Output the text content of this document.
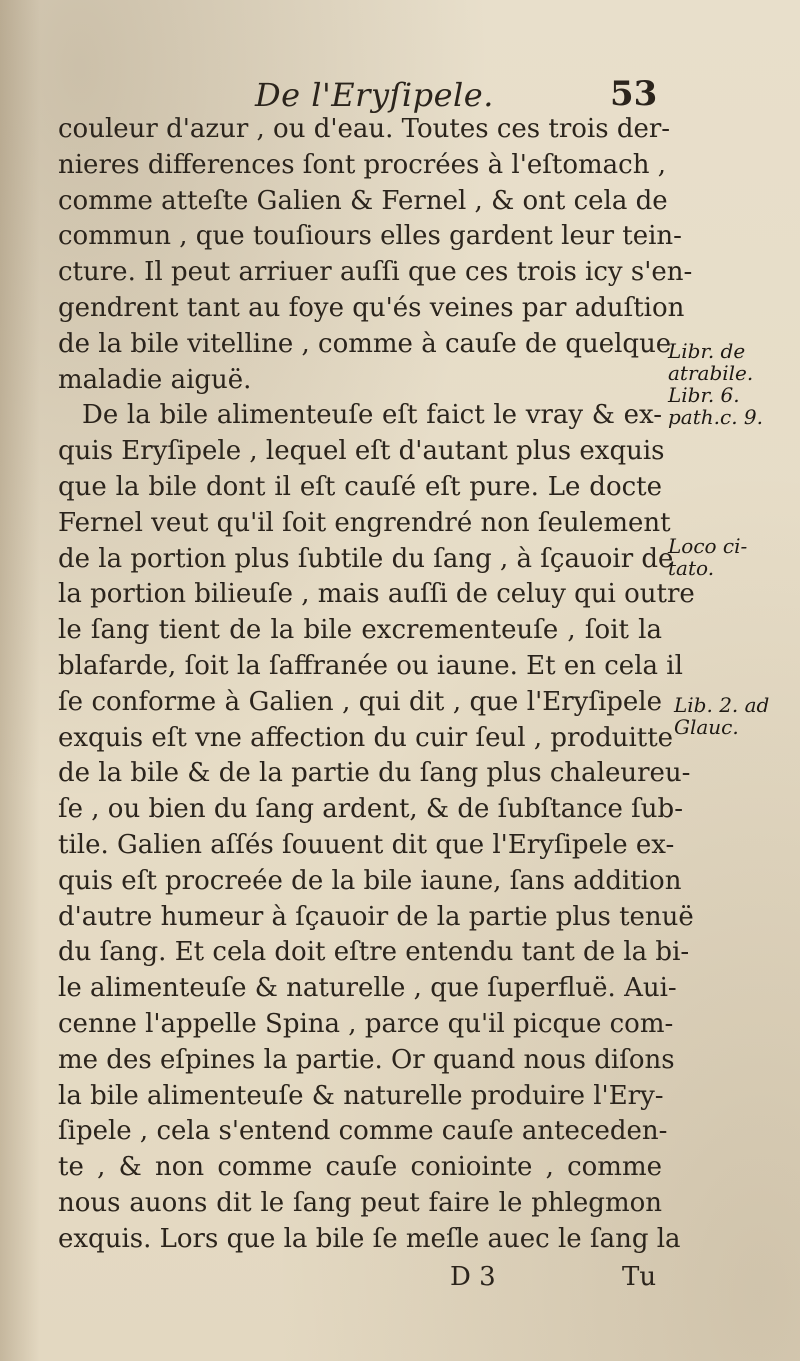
De l'Eryſipele.	53
couleur d'azur , ou d'eau. Toutes ces trois der-
nieres differences ſont procrées à l'eſtomach ,
comme atteſte Galien & Fernel , & ont cela de
commun , que touſiours elles gardent leur tein-
cture. Il peut arriuer auſſi que ces trois icy s'en-
gendrent tant au foye qu'és veines par aduſtion
de la bile vitelline , comme à cauſe de quelque
maladie aiguë.
De la bile alimenteuſe eſt faict le vray & ex-
quis Eryſipele , lequel eſt d'autant plus exquis
que la bile dont il eſt cauſé eſt pure. Le docte
Fernel veut qu'il ſoit engrendré non ſeulement
de la portion plus ſubtile du ſang , à ſçauoir de
la portion bilieuſe , mais auſſi de celuy qui outre
le ſang tient de la bile excrementeuſe , ſoit la
blafarde, ſoit la ſaffranée ou iaune. Et en cela il
ſe conforme à Galien , qui dit , que l'Eryſipele
exquis eſt vne affection du cuir ſeul , produitte
de la bile & de la partie du ſang plus chaleureu-
ſe , ou bien du ſang ardent, & de ſubſtance ſub-
tile. Galien aſſés ſouuent dit que l'Eryſipele ex-
quis eſt procreée de la bile iaune, ſans addition
d'autre humeur à ſçauoir de la partie plus tenuë
du ſang. Et cela doit eſtre entendu tant de la bi-
le alimenteuſe & naturelle , que ſuperfluë. Aui-
cenne l'appelle Spina , parce qu'il picque com-
me des eſpines la partie. Or quand nous diſons
la bile alimenteuſe & naturelle produire l'Ery-
ſipele , cela s'entend comme cauſe anteceden-
te , & non comme cauſe coniointe , comme
nous auons dit le ſang peut faire le phlegmon
exquis. Lors que la bile ſe meſle auec le ſang la
Libr. de
atrabile.
Libr. 6.
path.c. 9.
Loco ci-
tato.
Lib. 2. ad
Glauc.
D 3	Tu
